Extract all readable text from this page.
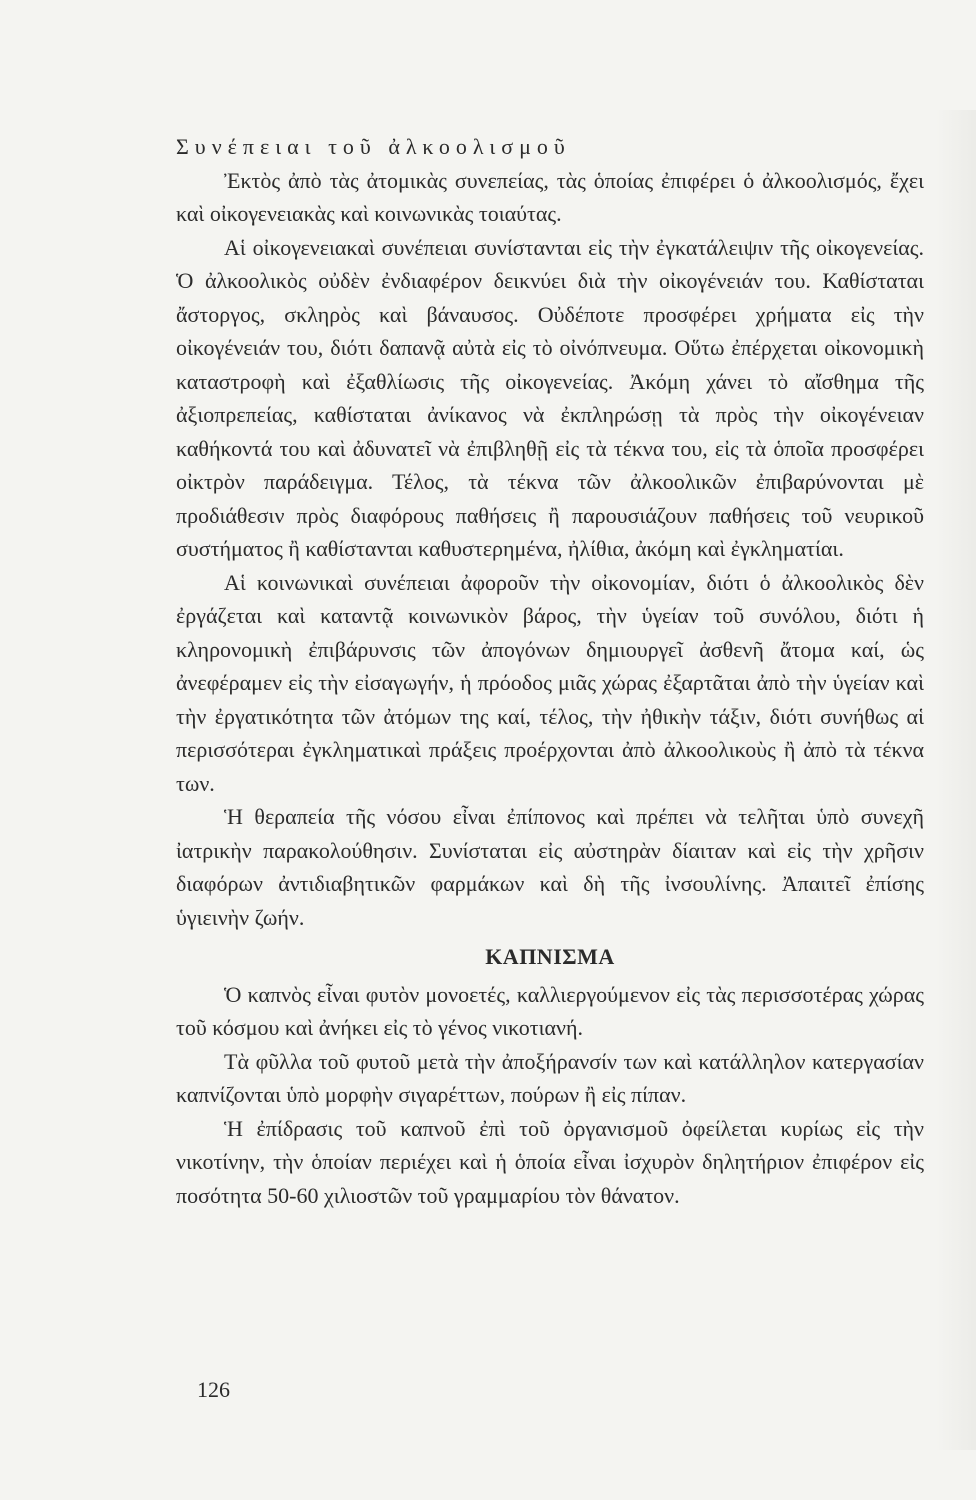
Συνέπειαι τοῦ ἀλκοολισμοῦ

Ἐκτὸς ἀπὸ τὰς ἀτομικὰς συνεπείας, τὰς ὁποίας ἐπιφέρει ὁ ἀλκοολισμός, ἔχει καὶ οἰκογενειακὰς καὶ κοινωνικὰς τοιαύτας.

Αἱ οἰκογενειακαὶ συνέπειαι συνίστανται εἰς τὴν ἐγκατάλειψιν τῆς οἰκογενείας. Ὁ ἀλκοολικὸς οὐδὲν ἐνδιαφέρον δεικνύει διὰ τὴν οἰκογένειάν του. Καθίσταται ἄστοργος, σκληρὸς καὶ βάναυσος. Οὐδέποτε προσφέρει χρήματα εἰς τὴν οἰκογένειάν του, διότι δαπανᾷ αὐτὰ εἰς τὸ οἰνόπνευμα. Οὕτω ἐπέρχεται οἰκονομικὴ καταστροφὴ καὶ ἐξαθλίωσις τῆς οἰκογενείας. Ἀκόμη χάνει τὸ αἴσθημα τῆς ἀξιοπρεπείας, καθίσταται ἀνίκανος νὰ ἐκπληρώσῃ τὰ πρὸς τὴν οἰκογένειαν καθήκοντά του καὶ ἀδυνατεῖ νὰ ἐπιβληθῇ εἰς τὰ τέκνα του, εἰς τὰ ὁποῖα προσφέρει οἰκτρὸν παράδειγμα. Τέλος, τὰ τέκνα τῶν ἀλκοολικῶν ἐπιβαρύνονται μὲ προδιάθεσιν πρὸς διαφόρους παθήσεις ἢ παρουσιάζουν παθήσεις τοῦ νευρικοῦ συστήματος ἢ καθίστανται καθυστερημένα, ἠλίθια, ἀκόμη καὶ ἐγκληματίαι.

Αἱ κοινωνικαὶ συνέπειαι ἀφοροῦν τὴν οἰκονομίαν, διότι ὁ ἀλκοολικὸς δὲν ἐργάζεται καὶ καταντᾷ κοινωνικὸν βάρος, τὴν ὑγείαν τοῦ συνόλου, διότι ἡ κληρονομικὴ ἐπιβάρυνσις τῶν ἀπογόνων δημιουργεῖ ἀσθενῆ ἄτομα καί, ὡς ἀνεφέραμεν εἰς τὴν εἰσαγωγήν, ἡ πρόοδος μιᾶς χώρας ἐξαρτᾶται ἀπὸ τὴν ὑγείαν καὶ τὴν ἐργατικότητα τῶν ἀτόμων της καί, τέλος, τὴν ἠθικὴν τάξιν, διότι συνήθως αἱ περισσότεραι ἐγκληματικαὶ πράξεις προέρχονται ἀπὸ ἀλκοολικοὺς ἢ ἀπὸ τὰ τέκνα των.

Ἡ θεραπεία τῆς νόσου εἶναι ἐπίπονος καὶ πρέπει νὰ τελῆται ὑπὸ συνεχῆ ἰατρικὴν παρακολούθησιν. Συνίσταται εἰς αὐστηρὰν δίαιταν καὶ εἰς τὴν χρῆσιν διαφόρων ἀντιδιαβητικῶν φαρμάκων καὶ δὴ τῆς ἰνσουλίνης. Ἀπαιτεῖ ἐπίσης ὑγιεινὴν ζωήν.

ΚΑΠΝΙΣΜΑ

Ὁ καπνὸς εἶναι φυτὸν μονοετές, καλλιεργούμενον εἰς τὰς περισσοτέρας χώρας τοῦ κόσμου καὶ ἀνήκει εἰς τὸ γένος νικοτιανή.

Τὰ φῦλλα τοῦ φυτοῦ μετὰ τὴν ἀποξήρανσίν των καὶ κατάλληλον κατεργασίαν καπνίζονται ὑπὸ μορφὴν σιγαρέττων, πούρων ἢ εἰς πίπαν.

Ἡ ἐπίδρασις τοῦ καπνοῦ ἐπὶ τοῦ ὀργανισμοῦ ὀφείλεται κυρίως εἰς τὴν νικοτίνην, τὴν ὁποίαν περιέχει καὶ ἡ ὁποία εἶναι ἰσχυρὸν δηλητήριον ἐπιφέρον εἰς ποσότητα 50-60 χιλιοστῶν τοῦ γραμμαρίου τὸν θάνατον.

126
